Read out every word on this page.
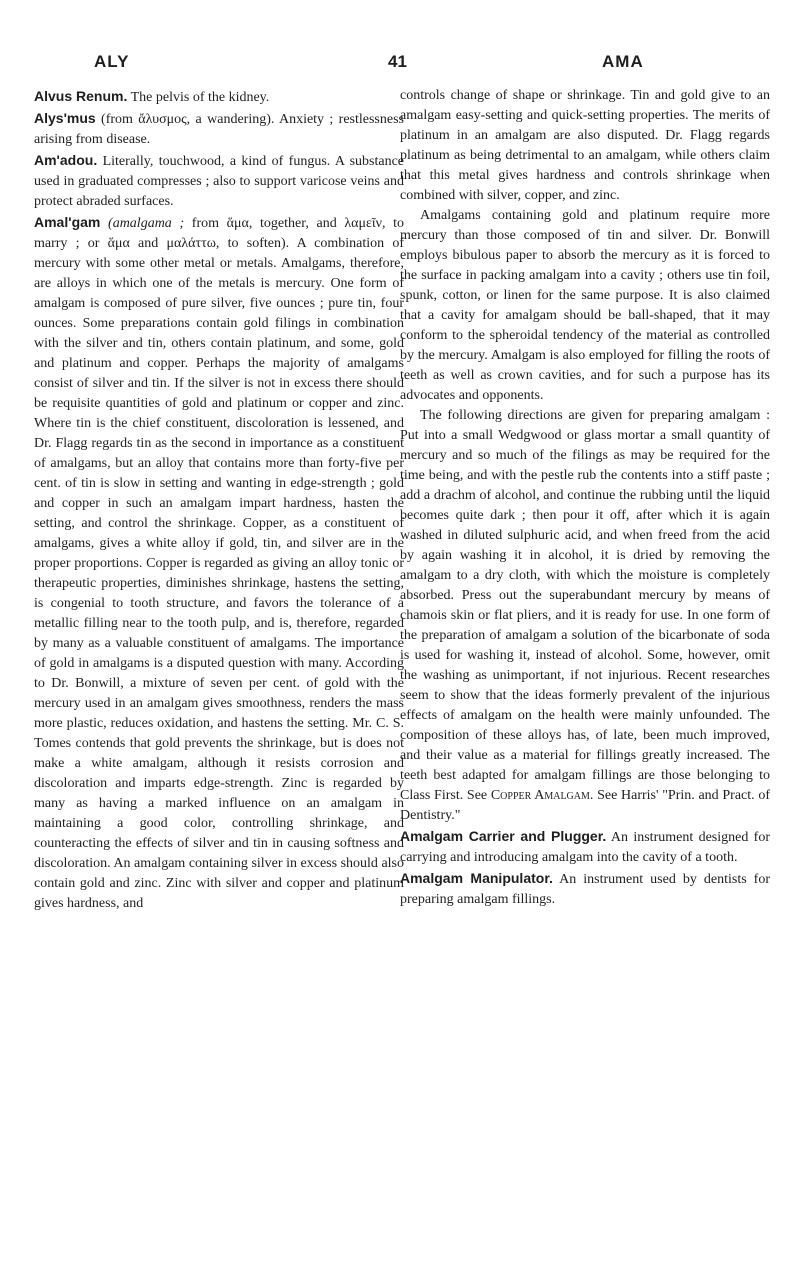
ALY	41	AMA

Alvus Renum. The pelvis of the kidney.

Alys'mus (from ἄλυσμος, a wandering). Anxiety ; restlessness arising from disease.

Am'adou. Literally, touchwood, a kind of fungus. A substance used in graduated compresses ; also to support varicose veins and protect abraded surfaces.

Amal'gam (amalgama ; from ἅμα, together, and λαμεῖν, to marry ; or ἅμα and μαλάττω, to soften). A combination of mercury with some other metal or metals. Amalgams, therefore, are alloys in which one of the metals is mercury. One form of amalgam is composed of pure silver, five ounces ; pure tin, four ounces. Some preparations contain gold filings in combination with the silver and tin, others contain platinum, and some, gold and platinum and copper. Perhaps the majority of amalgams consist of silver and tin. If the silver is not in excess there should be requisite quantities of gold and platinum or copper and zinc. Where tin is the chief constituent, discoloration is lessened, and Dr. Flagg regards tin as the second in importance as a constituent of amalgams, but an alloy that contains more than forty-five per cent. of tin is slow in setting and wanting in edge-strength ; gold and copper in such an amalgam impart hardness, hasten the setting, and control the shrinkage. Copper, as a constituent of amalgams, gives a white alloy if gold, tin, and silver are in the proper proportions. Copper is regarded as giving an alloy tonic or therapeutic properties, diminishes shrinkage, hastens the setting, is congenial to tooth structure, and favors the tolerance of a metallic filling near to the tooth pulp, and is, therefore, regarded by many as a valuable constituent of amalgams. The importance of gold in amalgams is a disputed question with many. According to Dr. Bonwill, a mixture of seven per cent. of gold with the mercury used in an amalgam gives smoothness, renders the mass more plastic, reduces oxidation, and hastens the setting. Mr. C. S. Tomes contends that gold prevents the shrinkage, but is does not make a white amalgam, although it resists corrosion and discoloration and imparts edge-strength. Zinc is regarded by many as having a marked influence on an amalgam in maintaining a good color, controlling shrinkage, and counteracting the effects of silver and tin in causing softness and discoloration. An amalgam containing silver in excess should also contain gold and zinc. Zinc with silver and copper and platinum gives hardness, and

controls change of shape or shrinkage. Tin and gold give to an amalgam easy-setting and quick-setting properties. The merits of platinum in an amalgam are also disputed. Dr. Flagg regards platinum as being detrimental to an amalgam, while others claim that this metal gives hardness and controls shrinkage when combined with silver, copper, and zinc.

Amalgams containing gold and platinum require more mercury than those composed of tin and silver. Dr. Bonwill employs bibulous paper to absorb the mercury as it is forced to the surface in packing amalgam into a cavity ; others use tin foil, spunk, cotton, or linen for the same purpose. It is also claimed that a cavity for amalgam should be ball-shaped, that it may conform to the spheroidal tendency of the material as controlled by the mercury. Amalgam is also employed for filling the roots of teeth as well as crown cavities, and for such a purpose has its advocates and opponents.

The following directions are given for preparing amalgam : Put into a small Wedgwood or glass mortar a small quantity of mercury and so much of the filings as may be required for the time being, and with the pestle rub the contents into a stiff paste ; add a drachm of alcohol, and continue the rubbing until the liquid becomes quite dark ; then pour it off, after which it is again washed in diluted sulphuric acid, and when freed from the acid by again washing it in alcohol, it is dried by removing the amalgam to a dry cloth, with which the moisture is completely absorbed. Press out the superabundant mercury by means of chamois skin or flat pliers, and it is ready for use. In one form of the preparation of amalgam a solution of the bicarbonate of soda is used for washing it, instead of alcohol. Some, however, omit the washing as unimportant, if not injurious. Recent researches seem to show that the ideas formerly prevalent of the injurious effects of amalgam on the health were mainly unfounded. The composition of these alloys has, of late, been much improved, and their value as a material for fillings greatly increased. The teeth best adapted for amalgam fillings are those belonging to Class First. See Copper Amalgam. See Harris' "Prin. and Pract. of Dentistry."

Amalgam Carrier and Plugger. An instrument designed for carrying and introducing amalgam into the cavity of a tooth.

Amalgam Manipulator. An instrument used by dentists for preparing amalgam fillings.
